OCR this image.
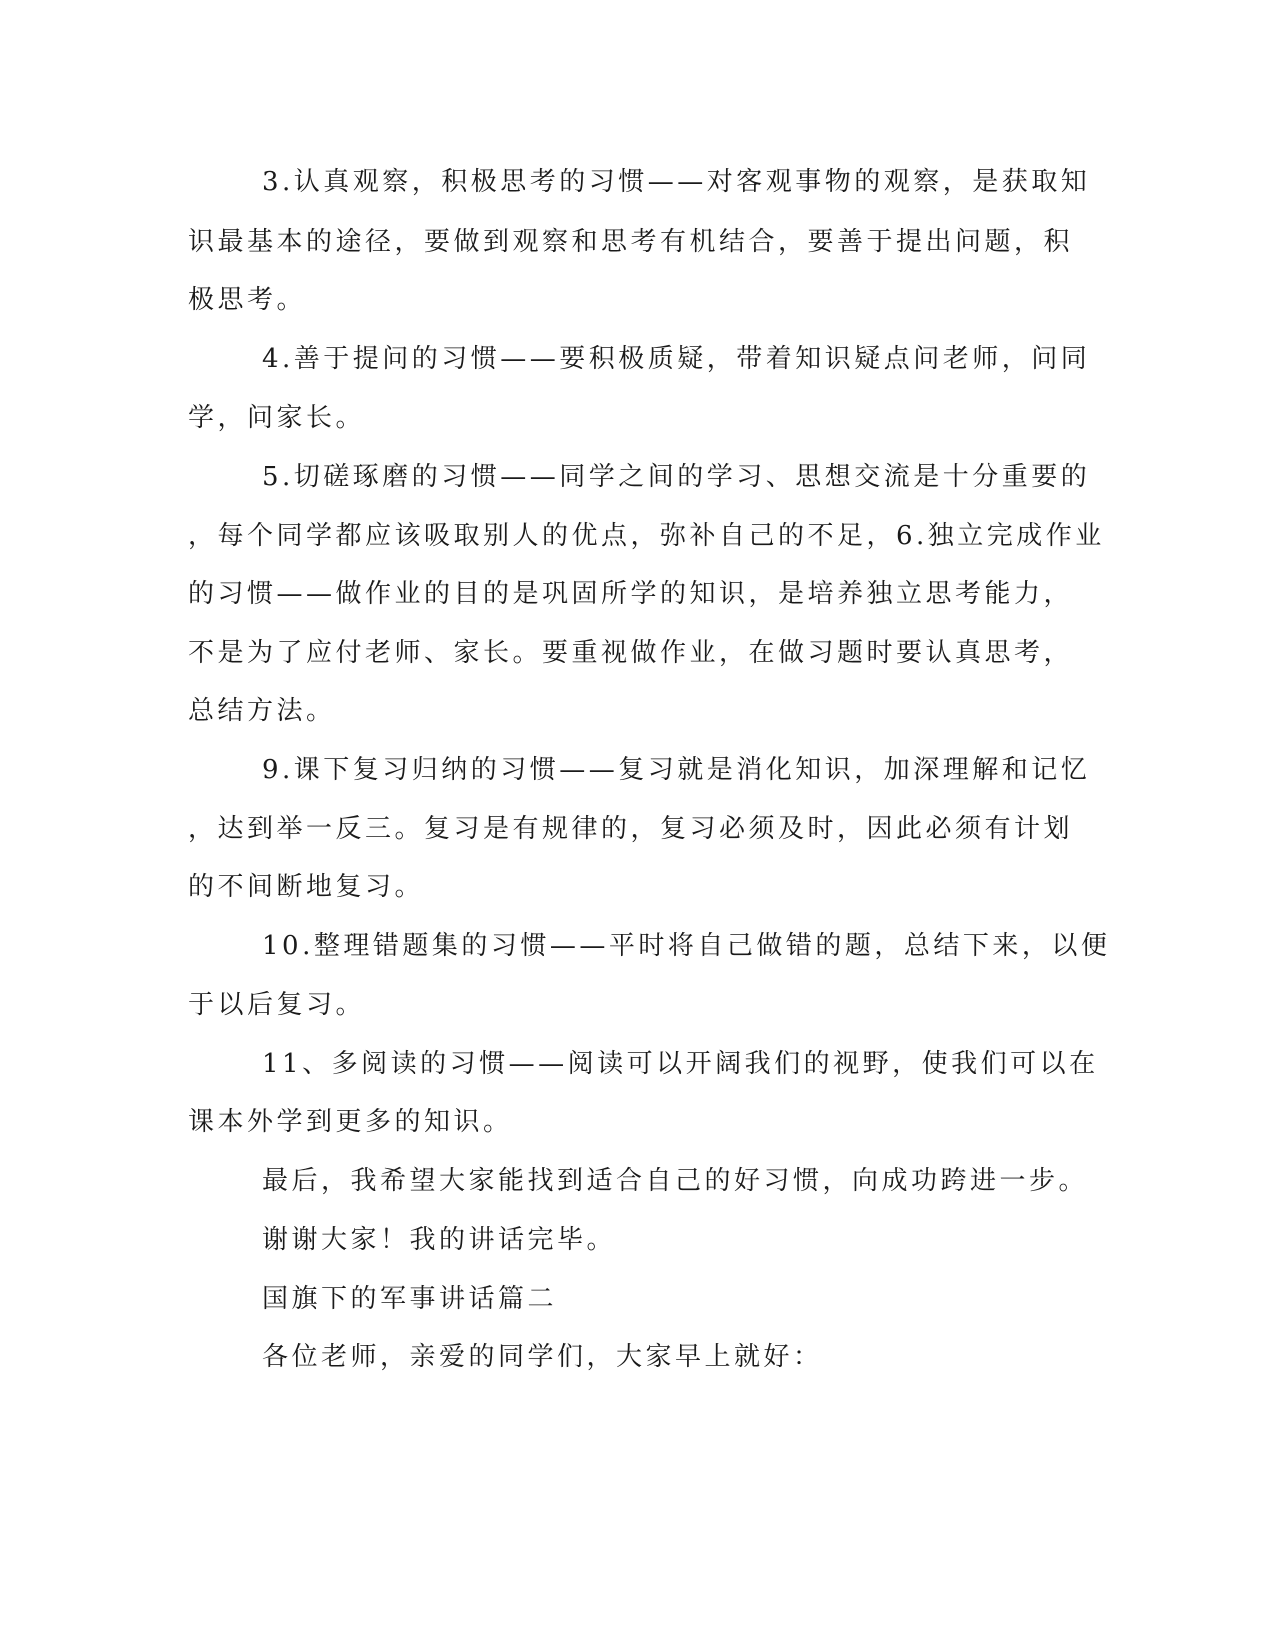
3.认真观察，积极思考的习惯——对客观事物的观察，是获取知
识最基本的途径，要做到观察和思考有机结合，要善于提出问题，积
极思考。
4.善于提问的习惯——要积极质疑，带着知识疑点问老师，问同
学，问家长。
5.切磋琢磨的习惯——同学之间的学习、思想交流是十分重要的
，每个同学都应该吸取别人的优点，弥补自己的不足，6.独立完成作业
的习惯——做作业的目的是巩固所学的知识，是培养独立思考能力，
不是为了应付老师、家长。要重视做作业，在做习题时要认真思考，
总结方法。
9.课下复习归纳的习惯——复习就是消化知识，加深理解和记忆
，达到举一反三。复习是有规律的，复习必须及时，因此必须有计划
的不间断地复习。
10.整理错题集的习惯——平时将自己做错的题，总结下来，以便
于以后复习。
11、多阅读的习惯——阅读可以开阔我们的视野，使我们可以在
课本外学到更多的知识。
最后，我希望大家能找到适合自己的好习惯，向成功跨进一步。
谢谢大家！我的讲话完毕。
国旗下的军事讲话篇二
各位老师，亲爱的同学们，大家早上就好：
